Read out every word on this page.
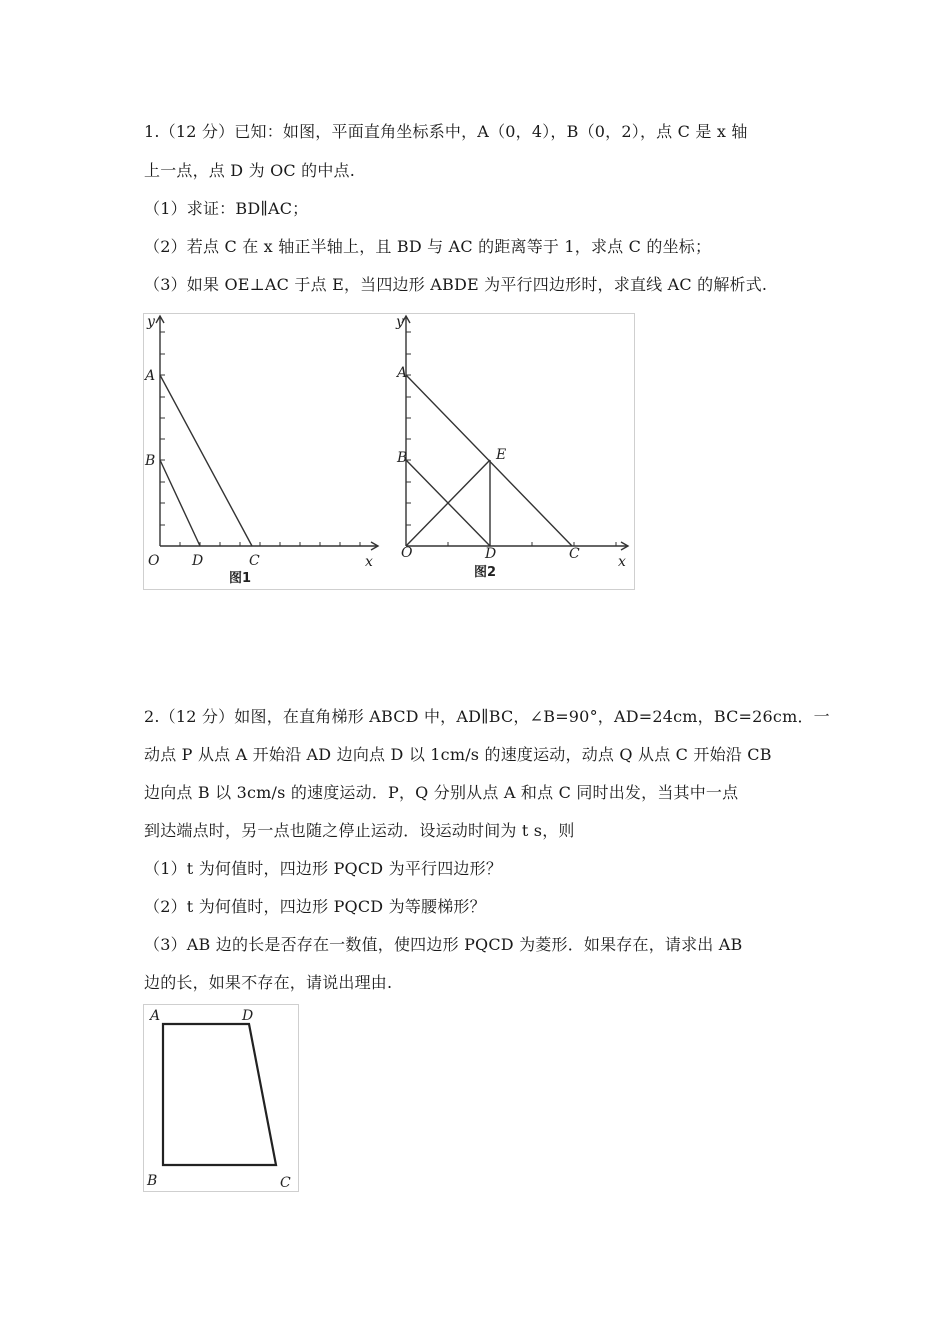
1.（12 分）已知：如图，平面直角坐标系中，A（0，4），B（0，2），点 C 是 x 轴
上一点，点 D 为 OC 的中点.
（1）求证：BD∥AC；
（2）若点 C 在 x 轴正半轴上，且 BD 与 AC 的距离等于 1，求点 C 的坐标；
（3）如果 OE⊥AC 于点 E，当四边形 ABDE 为平行四边形时，求直线 AC 的解析式.
y
x
A
B
O D	C
图1
y
x
A
B	E
O	D	C
图2
2.（12 分）如图，在直角梯形 ABCD 中，AD∥BC，∠B=90°，AD=24cm，BC=26cm．一
动点 P 从点 A 开始沿 AD 边向点 D 以 1cm/s 的速度运动，动点 Q 从点 C 开始沿 CB
边向点 B 以 3cm/s 的速度运动．P，Q 分别从点 A 和点 C 同时出发，当其中一点
到达端点时，另一点也随之停止运动．设运动时间为 t s，则
（1）t 为何值时，四边形 PQCD 为平行四边形？
（2）t 为何值时，四边形 PQCD 为等腰梯形？
（3）AB 边的长是否存在一数值，使四边形 PQCD 为菱形．如果存在，请求出 AB
边的长，如果不存在，请说出理由.
A	D
B	C
